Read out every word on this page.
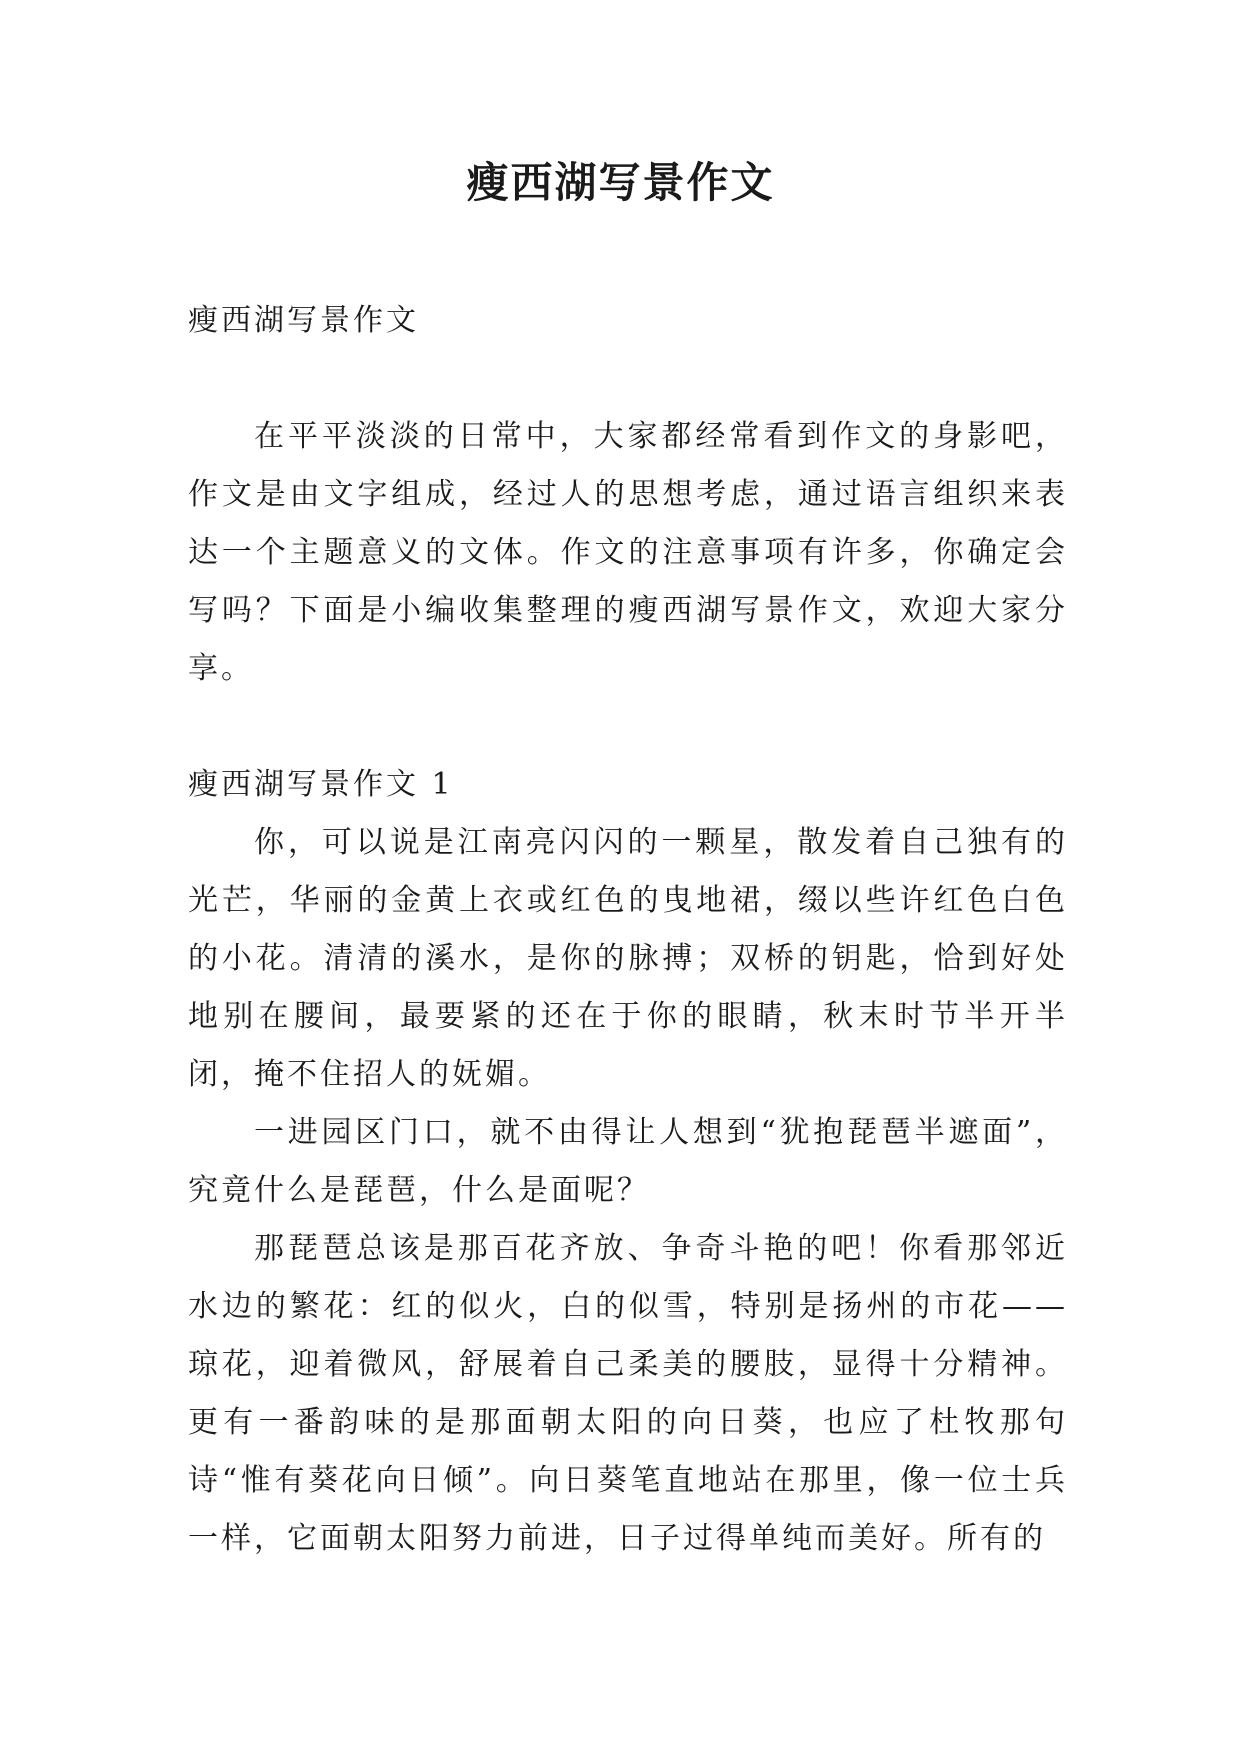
瘦西湖写景作文

瘦西湖写景作文

在平平淡淡的日常中，大家都经常看到作文的身影吧，作文是由文字组成，经过人的思想考虑，通过语言组织来表达一个主题意义的文体。作文的注意事项有许多，你确定会写吗？下面是小编收集整理的瘦西湖写景作文，欢迎大家分享。

瘦西湖写景作文 1

你，可以说是江南亮闪闪的一颗星，散发着自己独有的光芒，华丽的金黄上衣或红色的曳地裙，缀以些许红色白色的小花。清清的溪水，是你的脉搏；双桥的钥匙，恰到好处地别在腰间，最要紧的还在于你的眼睛，秋末时节半开半闭，掩不住招人的妩媚。

一进园区门口，就不由得让人想到“犹抱琵琶半遮面”，究竟什么是琵琶，什么是面呢？

那琵琶总该是那百花齐放、争奇斗艳的吧！你看那邻近水边的繁花：红的似火，白的似雪，特别是扬州的市花——琼花，迎着微风，舒展着自己柔美的腰肢，显得十分精神。更有一番韵味的是那面朝太阳的向日葵，也应了杜牧那句诗“惟有葵花向日倾”。向日葵笔直地站在那里，像一位士兵一样，它面朝太阳努力前进，日子过得单纯而美好。所有的
